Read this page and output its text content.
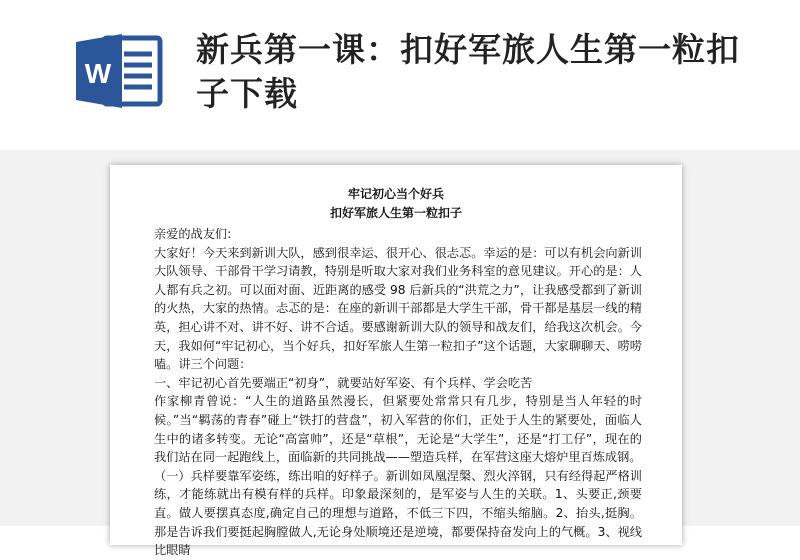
W
新兵第一课：扣好军旅人生第一粒扣子下载
牢记初心当个好兵
扣好军旅人生第一粒扣子

亲爱的战友们:

大家好！今天来到新训大队，感到很幸运、很开心、很忐忑。幸运的是：可以有机会向新训大队领导、干部骨干学习请教，特别是听取大家对我们业务科室的意见建议。开心的是：人人都有兵之初。可以面对面、近距离的感受 98 后新兵的“洪荒之力”，让我感受都到了新训的火热，大家的热情。忐忑的是：在座的新训干部都是大学生干部，骨干都是基层一线的精英，担心讲不对、讲不好、讲不合适。要感谢新训大队的领导和战友们，给我这次机会。今天，我如何“牢记初心，当个好兵，扣好军旅人生第一粒扣子”这个话题，大家聊聊天、唠唠嗑。讲三个问题：

一、牢记初心首先要端正“初身”，就要站好军姿、有个兵样、学会吃苦

作家柳青曾说：“人生的道路虽然漫长，但紧要处常常只有几步，特别是当人年轻的时候。”当“羁荡的青春”碰上“铁打的营盘”，初入军营的你们，正处于人生的紧要处，面临人生中的诸多转变。无论“高富帅”，还是“草根”，无论是“大学生”，还是“打工仔”，现在的我们站在同一起跑线上，面临新的共同挑战——塑造兵样，在军营这座大熔炉里百炼成钢。

（一）兵样要靠军姿练，练出咱的好样子。新训如凤凰涅槃、烈火淬钢，只有经得起严格训练，才能练就出有模有样的兵样。印象最深刻的，是军姿与人生的关联。1、头要正,颈要直。做人要摆真态度,确定自己的理想与道路，不低三下四，不缩头缩脑。2、抬头,挺胸。那是告诉我们要挺起胸膛做人,无论身处顺境还是逆境，都要保持奋发向上的气概。3、视线比眼睛
